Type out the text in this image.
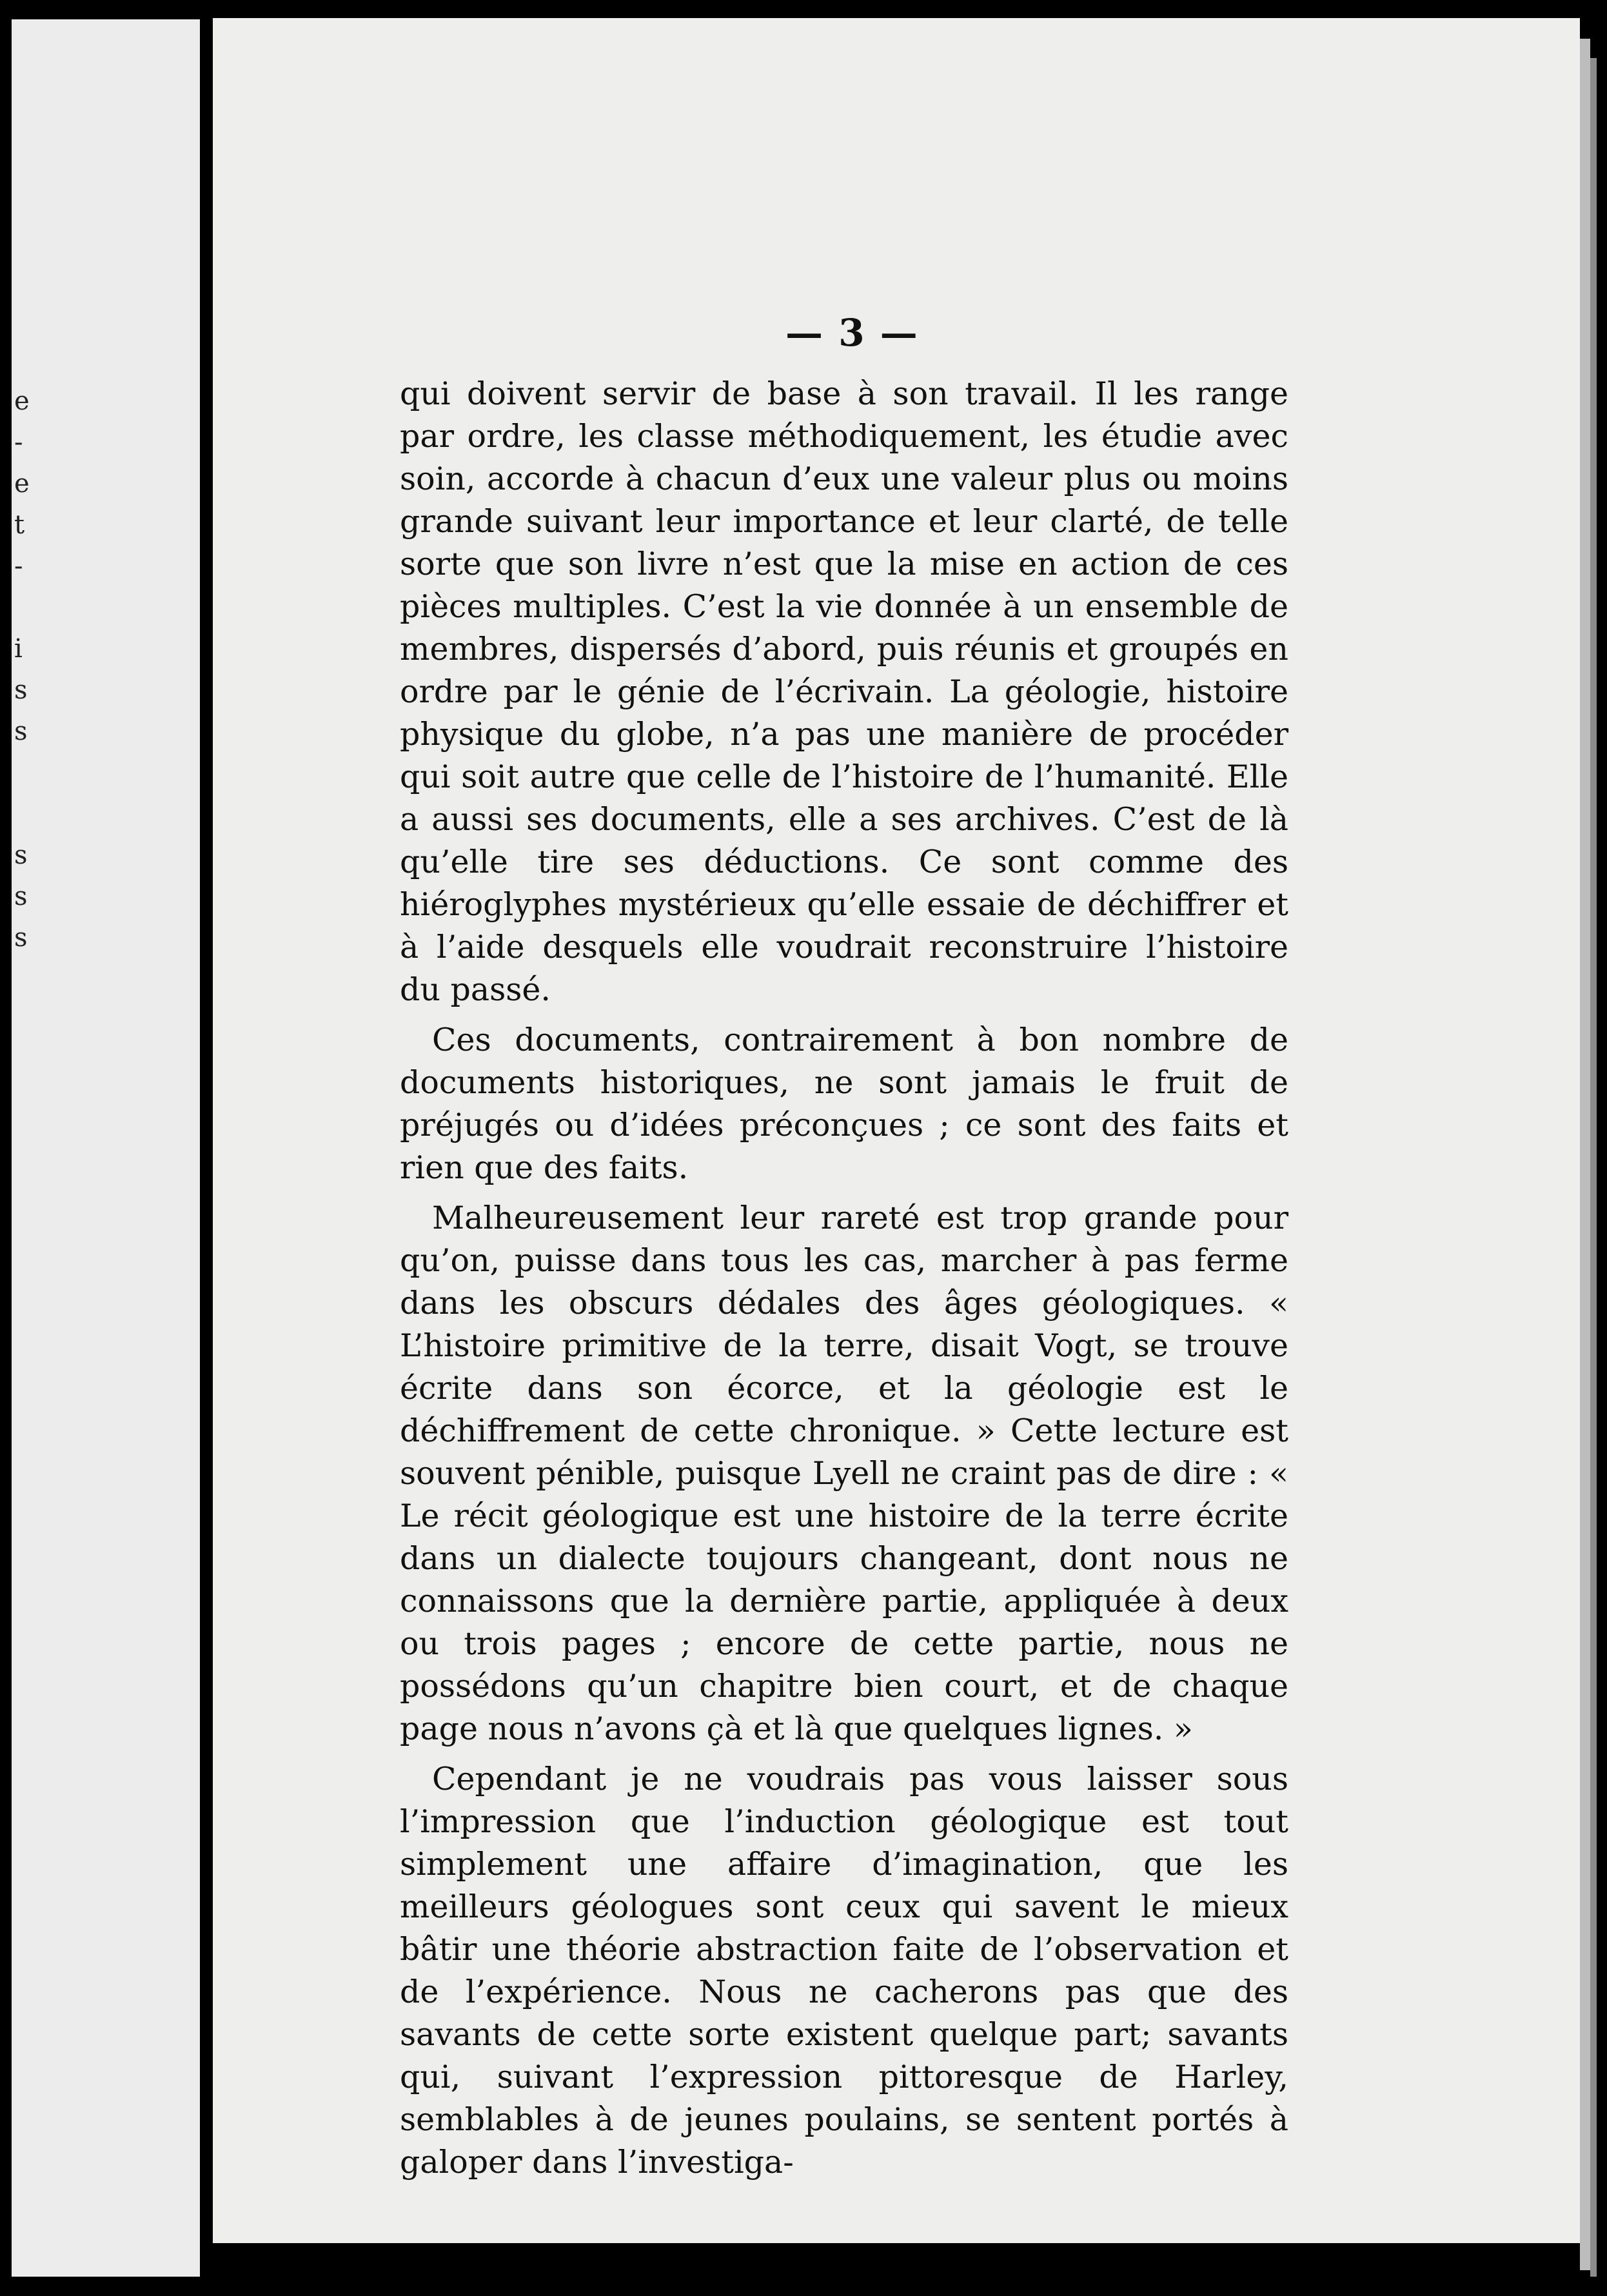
e
-
e
t
-

i
s
s

s
s
s
— 3 —

qui doivent servir de base à son travail. Il les range par ordre, les classe méthodiquement, les étudie avec soin, accorde à chacun d’eux une valeur plus ou moins grande suivant leur importance et leur clarté, de telle sorte que son livre n’est que la mise en action de ces pièces multiples. C’est la vie donnée à un ensemble de membres, dispersés d’abord, puis réunis et groupés en ordre par le génie de l’écrivain. La géologie, histoire physique du globe, n’a pas une manière de procéder qui soit autre que celle de l’histoire de l’humanité. Elle a aussi ses documents, elle a ses archives. C’est de là qu’elle tire ses déductions. Ce sont comme des hiéroglyphes mystérieux qu’elle essaie de déchiffrer et à l’aide desquels elle voudrait reconstruire l’histoire du passé.

Ces documents, contrairement à bon nombre de documents historiques, ne sont jamais le fruit de préjugés ou d’idées préconçues ; ce sont des faits et rien que des faits.

Malheureusement leur rareté est trop grande pour qu’on, puisse dans tous les cas, marcher à pas ferme dans les obscurs dédales des âges géologiques. « L’histoire primitive de la terre, disait Vogt, se trouve écrite dans son écorce, et la géologie est le déchiffrement de cette chronique. » Cette lecture est souvent pénible, puisque Lyell ne craint pas de dire : « Le récit géologique est une histoire de la terre écrite dans un dialecte toujours changeant, dont nous ne connaissons que la dernière partie, appliquée à deux ou trois pages ; encore de cette partie, nous ne possédons qu’un chapitre bien court, et de chaque page nous n’avons çà et là que quelques lignes. »

Cependant je ne voudrais pas vous laisser sous l’impression que l’induction géologique est tout simplement une affaire d’imagination, que les meilleurs géologues sont ceux qui savent le mieux bâtir une théorie abstraction faite de l’observation et de l’expérience. Nous ne cacherons pas que des savants de cette sorte existent quelque part; savants qui, suivant l’expression pittoresque de Harley, semblables à de jeunes poulains, se sentent portés à galoper dans l’investiga-
